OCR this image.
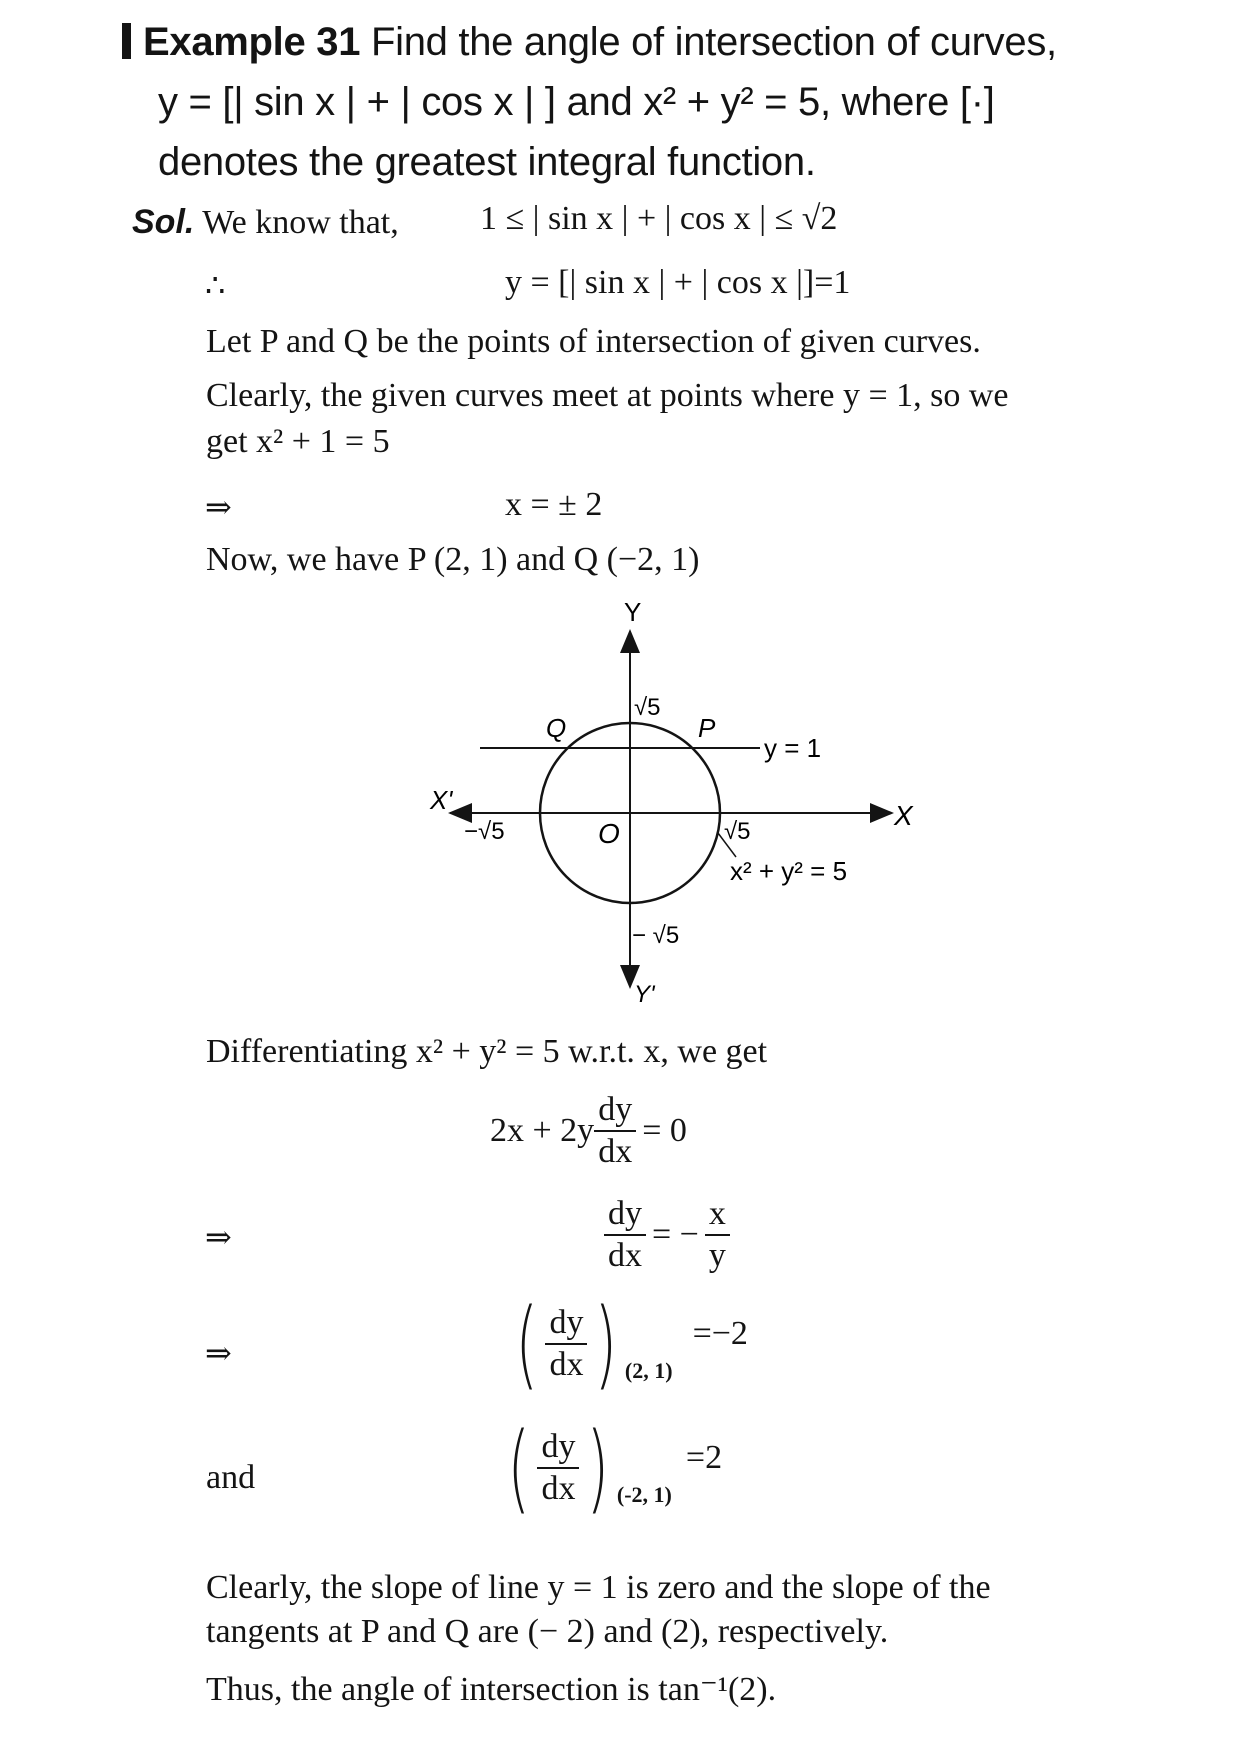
Example 31 Find the angle of intersection of curves,
y = [| sin x | + | cos x | ] and x² + y² = 5, where [·]
denotes the greatest integral function.
Sol. We know that, 1 ≤ | sin x | + | cos x | ≤ √2
∴	y = [| sin x | + | cos x |]=1
Let P and Q be the points of intersection of given curves.
Clearly, the given curves meet at points where y = 1, so we
get x² + 1 = 5
⇒	x = ± 2
Now, we have P (2, 1) and Q (−2, 1)
Y
Y'
X
X'
O
√5
− √5
√5
−√5
P
Q
y = 1
x² + y² = 5
Differentiating x² + y² = 5 w.r.t. x, we get
$2x + 2y \frac{dy}{dx} = 0$
⇒	$\frac{dy}{dx}$ = − $\frac{x}{y}$
⇒	( $\frac{dy}{dx}$ ) (2, 1)
=−2
and	( $\frac{dy}{dx}$ ) (-2, 1)
=2
Clearly, the slope of line y = 1 is zero and the slope of the
tangents at P and Q are (− 2) and (2), respectively.
Thus, the angle of intersection is tan⁻¹(2).
